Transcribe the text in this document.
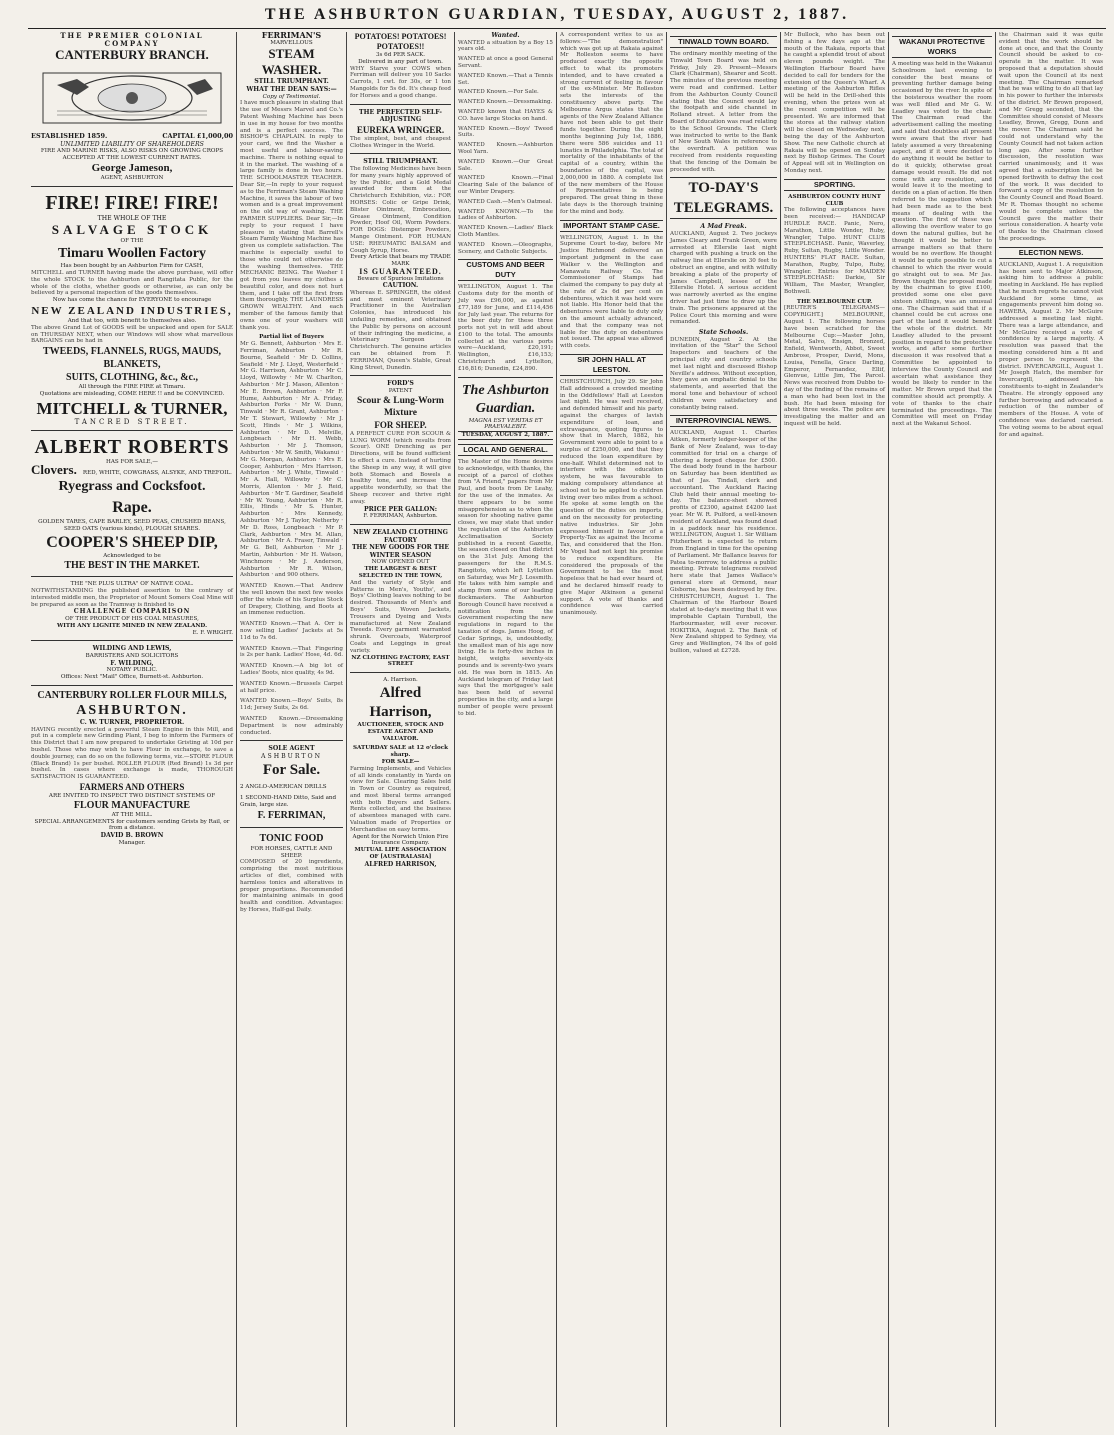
THE ASHBURTON GUARDIAN, TUESDAY, AUGUST 2, 1887.
THE PREMIER COLONIAL COMPANY
CANTERBURY BRANCH.
ESTABLISHED 1859.	CAPITAL £1,000,00
UNLIMITED LIABILITY OF SHAREHOLDERS
FIRE AND MARINE RISKS, ALSO RISKS ON GROWING CROPS ACCEPTED AT THE LOWEST CURRENT RATES.
George Jameson,
AGENT, ASHBURTON
FIRE! FIRE! FIRE!
THE WHOLE OF THE
SALVAGE STOCK
OF THE
Timaru Woollen Factory
Has been bought by an Ashburton Firm for CASH,
MITCHELL and TURNER having made the above purchase, will offer the whole STOCK to the Ashburton and Rangitata Public, for the whole of the cloths, whether goods or otherwise, as can only be believed by a personal inspection of the goods themselves.
Now has come the chance for EVERYONE to encourage
NEW ZEALAND INDUSTRIES,
And that too, with benefit to themselves also.
The above Grand Lot of GOODS will be unpacked and open for SALE on THURSDAY NEXT, when our Windows will show what marvellous BARGAINS can be had in
TWEEDS, FLANNELS, RUGS, MAUDS, BLANKETS,
SUITS, CLOTHING, &c., &c.,
All through the FIRE FIRE at Timaru.
Quotations are misleading, COME HERE !! and be CONVINCED.
MITCHELL & TURNER,
TANCRED STREET.
ALBERT ROBERTS
HAS FOR SALE,—
Clovers. RED, WHITE, COWGRASS, ALSYKE, AND TREFOIL.
Ryegrass and Cocksfoot.
Rape.
GOLDEN TARES, CAPE BARLEY, SEED PEAS, CRUSHED BEANS, SEED OATS (various kinds), PLOUGH SHARES.
COOPER'S SHEEP DIP,
Acknowledged to be
THE BEST IN THE MARKET.
THE "NE PLUS ULTRA" OF NATIVE COAL.
NOTWITHSTANDING the published assertion to the contrary of interested middle men, the Proprietor of Mount Somers Coal Mine will be prepared as soon as the Tramway is finished to
CHALLENGE COMPARISON
OF THE PRODUCT OF HIS COAL MEASURES,
WITH ANY LIGNITE MINED IN NEW ZEALAND.
E. F. WRIGHT.
WILDING AND LEWIS,
BARRISTERS AND SOLICITORS
F. WILDING,
NOTARY PUBLIC.
Offices: Next "Mail" Office, Burnett-st. Ashburton.
CANTERBURY ROLLER FLOUR MILLS,
ASHBURTON.
C. W. TURNER, PROPRIETOR.
HAVING recently erected a powerful Steam Engine in this Mill, and put in a complete new Grinding Plant, I beg to inform the Farmers of this District that I am now prepared to undertake Gristing at 10d per bushel. Those who may wish to have Flour in exchange, to save a double journey, can do so on the following terms, viz.—STORE FLOUR (Black Brand) 1s per bushel. ROLLER FLOUR (Red Brand) 1s 3d per bushel. In cases where exchange is made, THOROUGH SATISFACTION IS GUARANTEED.
FARMERS AND OTHERS
ARE INVITED TO INSPECT TWO DISTINCT SYSTEMS OF
FLOUR MANUFACTURE
AT THE MILL.
SPECIAL ARRANGEMENTS for customers sending Grists by Rail, or from a distance.
DAVID B. BROWN
Manager.
FERRIMAN'S
MARVELLOUS
STEAM WASHER.
STILL TRIUMPHANT.
WHAT THE DEAN SAYS:—
Copy of Testimonial.
I have much pleasure in stating that the use of Messrs Marvel and Co.'s Patent Washing Machine has been in use in my house for two months and is a perfect success. The BISHOP'S CHAPLAIN. In reply to your card, we find the Washer a most useful and labour-saving machine. There is nothing equal to it in the market. The washing of a large family is done in two hours. THE SCHOOLMASTER TEACHER. Dear Sir,—In reply to your request as to the Ferriman's Steam Washing Machine, it saves the labour of two women and is a great improvement on the old way of washing. THE FARMER SUPPLIERS. Dear Sir,—In reply to your request I have pleasure in stating that Barrell's Steam Family Washing Machine has given us complete satisfaction. The machine is especially useful to those who could not otherwise do the washing themselves. THE MECHANIC BEING. The Washer I got from you leaves my clothes a beautiful color, and does not hurt them, and I take off the first from them thoroughly. THE LAUNDRESS GROWN WEALTHY. And each member of the famous family that owns one of your washers will thank you.
Partial list of Buyers
Mr G. Bennett, Ashburton · Mrs E. Ferriman, Ashburton · Mr R. Bourne, Seafield · Mr D. Collins, Seafield · Mr J. Lloyd, Westerfield · Mr G. Harrison, Ashburton · Mr C. Lloyd, Willowby · Mr W. Charlton, Ashburton · Mr J. Mason, Allenton · Mr E. Brown, Ashburton · Mr F. Hume, Ashburton · Mr A. Friday, Ashburton Forks · Mr W. Dunn, Tinwald · Mr R. Grant, Ashburton · Mr T. Stewart, Willowby · Mr J. Scott, Hinds · Mr J. Wilkins, Ashburton · Mr D. Melville, Longbeach · Mr H. Webb, Ashburton · Mr J. Thomson, Ashburton · Mr W. Smith, Wakanui · Mr G. Morgan, Ashburton · Mrs E. Cooper, Ashburton · Mrs Harrison, Ashburton · Mr J. White, Tinwald · Mr A. Hall, Willowby · Mr C. Morris, Allenton · Mr J. Reid, Ashburton · Mr T. Gardiner, Seafield · Mr W. Young, Ashburton · Mr R. Ellis, Hinds · Mr S. Hunter, Ashburton · Mrs Kennedy, Ashburton · Mr J. Taylor, Netherby · Mr D. Ross, Longbeach · Mr P. Clark, Ashburton · Mrs M. Allan, Ashburton · Mr A. Fraser, Tinwald · Mr G. Bell, Ashburton · Mr J. Martin, Ashburton · Mr H. Watson, Winchmore · Mr J. Anderson, Ashburton · Mr R. Wilson, Ashburton · and 900 others.
WANTED Known.—That Andrew the well known the next few weeks offer the whole of his Surplus Stock of Drapery, Clothing, and Boots at an immense reduction.
WANTED Known.—That A. Orr is now selling Ladies' Jackets at 5s 11d to 7s 6d.
WANTED Known.—That Fingering is 2s per hank. Ladies' Hose, 4d. 6d.
WANTED Known.—A big lot of Ladies' Boots, nice quality, 4s 9d.
WANTED Known.—Brussels Carpet at half price.
WANTED Known.—Boys' Suits, 8s 11d; Jersey Suits, 2s 6d.
WANTED Known.—Dressmaking Department is now admirably conducted.
SOLE AGENT
ASHBURTON
For Sale.
2 ANGLO-AMERICAN DRILLS
1 SECOND-HAND Ditto, Said and Grain, large size.
F. FERRIMAN,
TONIC FOOD
FOR HORSES, CATTLE AND SHEEP.
COMPOSED of 20 ingredients, comprising the most nutritious articles of diet, combined with harmless tonics and alteratives in proper proportions. Recommended for maintaining animals in good health and condition. Advantages: by Horses, Half-gal Daily.
POTATOES! POTATOES! POTATOES!!
3s 6d PER SACK.
Delivered in any part of town.
WHY Starve your COWS when Ferriman will deliver you 10 Sacks Carrots, 1 cwt. for 30s, or 1 ton Mangolds for 5s 6d. It's cheap feed for Horses and a good change.
THE PERFECTED SELF-ADJUSTING
EUREKA WRINGER.
The simplest, best, and cheapest Clothes Wringer in the World.
STILL TRIUMPHANT.
The following Medicines have been for many years highly approved of by the Public, and a Gold Medal awarded for them at the Christchurch Exhibition, viz.: FOR HORSES: Colic or Gripe Drink, Blister Ointment, Embrocation, Grease Ointment, Condition Powder, Hoof Oil, Worm Powders. FOR DOGS: Distemper Powders, Mange Ointment. FOR HUMAN USE: RHEUMATIC BALSAM and Cough Syrup, Horse.
Every Article that bears my TRADE MARK
IS GUARANTEED.
Beware of Spurious Imitations
CAUTION.
Whereas E. SPRINGER, the oldest and most eminent Veterinary Practitioner in the Australian Colonies, has introduced his unfailing remedies, and obtained the Public by persons on account of their infringing the medicine, a Veterinary Surgeon in Christchurch. The genuine articles can be obtained from F. FERRIMAN, Queen's Stable, Great King Street, Dunedin.
FORD'S
PATENT
Scour & Lung-Worm Mixture
FOR SHEEP.
A PERFECT CURE FOR SCOUR & LUNG WORM (which results from Scour). ONE Drenching as per Directions, will be found sufficient to effect a cure. Instead of hurting the Sheep in any way, it will give both Stomach and Bowels a healthy tone, and increase the appetite wonderfully, so that the Sheep recover and thrive right away.
PRICE PER GALLON:
F. FERRIMAN, Ashburton.
NEW ZEALAND CLOTHING FACTORY
THE NEW GOODS FOR THE WINTER SEASON
NOW OPENED OUT
THE LARGEST & BEST SELECTED IN THE TOWN,
And the variety of Style and Patterns in Men's, Youths', and Boys' Clothing leaves nothing to be desired. Thousands of Men's and Boys' Suits, Woven Jackets, Trousers and Dyeing and Vests manufactured at New Zealand Tweeds. Every garment warranted shrunk. Overcoats, Waterproof Coats and Leggings in great variety.
NZ CLOTHING FACTORY, EAST STREET
A. Harrison.
Alfred Harrison,
AUCTIONEER, STOCK AND ESTATE AGENT AND VALUATOR.
SATURDAY SALE at 12 o'clock sharp.
FOR SALE—
Farming Implements, and Vehicles of all kinds constantly in Yards on view for Sale. Clearing Sales held in Town or Country as required, and most liberal terms arranged with both Buyers and Sellers. Rents collected, and the business of absentees managed with care. Valuation made of Properties or Merchandise on easy terms.
Agent for the Norwich Union Fire Insurance Company.
MUTUAL LIFE ASSOCIATION OF [AUSTRALASIA]
ALFRED HARRISON,
Wanted.
WANTED a situation by a Boy 15 years old.
WANTED at once a good General Servant.
WANTED Known.—That a Tennis Set.
WANTED Known.—For Sale.
WANTED Known.—Dressmaking.
WANTED known that HAYES & CO. have large Stocks on hand.
WANTED Known.—Boys' Tweed Suits.
WANTED Known.—Ashburton Wool Yarn.
WANTED Known.—Our Great Sale.
WANTED Known.—Final Clearing Sale of the balance of our Winter Drapery.
WANTED Cash.—Men's Oatmeal.
WANTED KNOWN.—To the Ladies of Ashburton.
WANTED Known.—Ladies' Black Cloth Mantles.
WANTED Known.—Oleographs, Scenery, and Catholic Subjects.
CUSTOMS AND BEER DUTY
WELLINGTON, August 1. The Customs duty for the month of July was £96,000, as against £77,189 for June, and £114,456 for July last year. The returns for the beer duty for these three ports not yet in will add about £100 to the total. The amounts collected at the various ports were—Auckland, £20,191; Wellington, £16,153; Christchurch and Lyttelton, £16,816; Dunedin, £24,890.
The Ashburton Guardian.
MAGNA EST VERITAS ET PRAEVALEBIT.
TUESDAY, AUGUST 2, 1887.
LOCAL AND GENERAL.
The Master of the Home desires to acknowledge, with thanks, the receipt of a parcel of clothes from "A Friend," papers from Mr Paul, and boots from Dr Leahy, for the use of the inmates. As there appears to be some misapprehension as to when the season for shooting native game closes, we may state that under the regulation of the Ashburton Acclimatisation Society published in a recent Gazette, the season closed on that district on the 31st July. Among the passengers for the R.M.S. Rangitoto, which left Lyttelton on Saturday, was Mr J. Lossmith. He takes with him sample and stamp from some of our leading flockmasters. The Ashburton Borough Council have received a notification from the Government respecting the new regulations in regard to the taxation of dogs. James Hoog, of Cedar Springs, is, undoubtedly, the smallest man of his age now living. He is forty-five inches in height, weighs seventy-six pounds and is seventy-two years old. He was born in 1815. An Auckland telegram of Friday last says that the mortgagee's sale has been held of several properties in the city, and a large number of people were present to bid.
A correspondent writes to us as follows:—"The demonstration" which was got up at Rakaia against Mr Rolleston seems to have produced exactly the opposite effect to what its promoters intended, and to have created a strong current of feeling in favour of the ex-Minister. Mr Rolleston sets the interests of the constituency above party. The Melbourne Argus states that the agents of the New Zealand Alliance have not been able to get their funds together. During the eight months beginning July 1st, 1886, there were 586 suicides and 11 lunatics in Philadelphia. The total of mortality of the inhabitants of the capital of a country, within the boundaries of the capital, was 2,000,000 in 1880. A complete list of the new members of the House of Representatives is being prepared. The great thing in these late days is the thorough training for the mind and body.
IMPORTANT STAMP CASE.
WELLINGTON, August 1. In the Supreme Court to-day, before Mr Justice Richmond delivered an important judgment in the case Walker v. the Wellington and Manawatu Railway Co. The Commissioner of Stamps had claimed the company to pay duty at the rate of 2s 6d per cent on debentures, which it was held were not liable. His Honor held that the debentures were liable to duty only on the amount actually advanced, and that the company was not liable for the duty on debentures not issued. The appeal was allowed with costs.
SIR JOHN HALL AT LEESTON.
CHRISTCHURCH, July 29. Sir John Hall addressed a crowded meeting in the Oddfellows' Hall at Leeston last night. He was well received, and defended himself and his party against the charges of lavish expenditure of loan, and extravagance, quoting figures to show that in March, 1882, his Government were able to point to a surplus of £250,000, and that they reduced the loan expenditure by one-half. Whilst determined not to interfere with the education system, he was favourable to making compulsory attendance at school not to be applied to children living over two miles from a school. He spoke at some length on the question of the duties on imports, and on the necessity for protecting native industries. Sir John expressed himself in favour of a Property-Tax as against the Income Tax, and considered that the Hon. Mr Vogel had not kept his promise to reduce expenditure. He considered the proposals of the Government to be the most hopeless that he had ever heard of, and he declared himself ready to give Major Atkinson a general support. A vote of thanks and confidence was carried unanimously.
TINWALD TOWN BOARD.
The ordinary monthly meeting of the Tinwald Town Board was held on Friday, July 29. Present—Messrs Clark (Chairman), Shearer and Scott. The minutes of the previous meeting were read and confirmed. Letter from the Ashburton County Council stating that the Council would lay the footpath and side channel in Rolland street. A letter from the Board of Education was read relating to the School Grounds. The Clerk was instructed to write to the Bank of New South Wales in reference to the overdraft. A petition was received from residents requesting that the fencing of the Domain be proceeded with.
TO-DAY'S TELEGRAMS.
A Mad Freak.
AUCKLAND, August 2. Two jockeys James Cleary and Frank Green, were arrested at Ellerslie last night charged with pushing a truck on the railway line at Ellerslie on 30 feet to obstruct an engine, and with wilfully breaking a plate of the property of James Campbell, lessee of the Ellerslie Hotel. A serious accident was narrowly averted as the engine driver had just time to draw up the train. The prisoners appeared at the Police Court this morning and were remanded.
State Schools.
DUNEDIN, August 2. At the invitation of the "Star" the School Inspectors and teachers of the principal city and country schools met last night and discussed Bishop Neville's address. Without exception, they gave an emphatic denial to the statements, and asserted that the moral tone and behaviour of school children were satisfactory and constantly being raised.
INTERPROVINCIAL NEWS.
AUCKLAND, August 1. Charles Aitken, formerly ledger-keeper of the Bank of New Zealand, was to-day committed for trial on a charge of uttering a forged cheque for £500. The dead body found in the harbour on Saturday has been identified as that of Jas. Tindall, clerk and accountant. The Auckland Racing Club held their annual meeting to-day. The balance-sheet showed profits of £2300, against £4200 last year. Mr W. R. Pulford, a well-known resident of Auckland, was found dead in a paddock near his residence. WELLINGTON, August 1. Sir William Fitzherbert is expected to return from England in time for the opening of Parliament. Mr Ballance leaves for Patea to-morrow, to address a public meeting. Private telegrams received here state that James Wallace's general store at Ormond, near Gisborne, has been destroyed by fire. CHRISTCHURCH, August 1. The Chairman of the Harbour Board stated at to-day's meeting that it was improbable Captain Turnbull, the Harbourmaster, will ever recover. HOKITIKA, August 2. The Bank of New Zealand shipped to Sydney, via Grey and Wellington, 74 lbs of gold bullion, valued at £2728.
Mr Bullock, who has been out fishing a few days ago at the mouth of the Rakaia, reports that he caught a splendid trout of about eleven pounds weight. The Wellington Harbour Board have decided to call for tenders for the extension of the Queen's Wharf. A meeting of the Ashburton Rifles will be held in the Drill-shed this evening, when the prizes won at the recent competition will be presented. We are informed that the stores at the railway station will be closed on Wednesday next, being the day of the Ashburton Show. The new Catholic church at Rakaia will be opened on Sunday next by Bishop Grimes. The Court of Appeal will sit in Wellington on Monday next.
SPORTING.
ASHBURTON COUNTY HUNT CLUB
The following acceptances have been received:— HANDICAP HURDLE RACE. Panic, Nero, Marathon, Little Wonder, Ruby, Wrangler, Tulpo. HUNT CLUB STEEPLECHASE. Panic, Waverley, Ruby, Sultan, Rugby, Little Wonder. HUNTERS' FLAT RACE. Sultan, Marathon, Rugby, Tulpo, Ruby, Wrangler. Entries for MAIDEN STEEPLECHASE: Darkie, Sir William, The Master, Wrangler, Bothwell.
THE MELBOURNE CUP.
[REUTER'S TELEGRAMS—COPYRIGHT.] MELBOURNE, August 1. The following horses have been scratched for the Melbourne Cup:—Master John, Metal, Salvo, Ensign, Bronzed, Enfield, Wentworth, Abbot, Sweet Ambrose, Prosper, David, Mons, Louisa, Fenella, Grace Darling, Emperor, Fernandez, Ellif, Glenvue, Little Jim, The Parcel. News was received from Dubbo to-day of the finding of the remains of a man who had been lost in the bush. He had been missing for about three weeks. The police are investigating the matter and an inquest will be held.
WAKANUI PROTECTIVE WORKS
A meeting was held in the Wakanui Schoolroom last evening to consider the best means of preventing further damage being occasioned by the river. In spite of the boisterous weather the room was well filled and Mr G. W. Leadley was voted to the chair. The Chairman read the advertisement calling the meeting and said that doubtless all present were aware that the river had lately assumed a very threatening aspect, and if it were decided to do anything it would be better to do it quickly, otherwise great damage would result. He did not come with any resolution, and would leave it to the meeting to decide on a plan of action. He then referred to the suggestion which had been made as to the best means of dealing with the question. The first of these was allowing the overflow water to go down the natural gullies, but he thought it would be better to arrange matters so that there would be no overflow. He thought it would be quite possible to cut a channel to which the river would go straight out to sea. Mr Jas. Brown thought the proposal made by the chairman to give £100, provided some one else gave sixteen shillings, was an unusual one. The Chairman said that if a channel could be cut across one part of the land it would benefit the whole of the district. Mr Leadley alluded to the present position in regard to the protective works, and after some further discussion it was resolved that a Committee be appointed to interview the County Council and ascertain what assistance they would be likely to render in the matter. Mr Brown urged that the committee should act promptly. A vote of thanks to the chair terminated the proceedings. The Committee will meet on Friday next at the Wakanui School.
the Chairman said it was quite evident that the work should be done at once, and that the County Council should be asked to co-operate in the matter. It was proposed that a deputation should wait upon the Council at its next meeting. The Chairman remarked that he was willing to do all that lay in his power to further the interests of the district. Mr Brown proposed, and Mr Gregg seconded, that the Committee should consist of Messrs Leadley, Brown, Gregg, Dunn and the mover. The Chairman said he could not understand why the County Council had not taken action long ago. After some further discussion, the resolution was carried unanimously, and it was agreed that a subscription list be opened forthwith to defray the cost of the work. It was decided to forward a copy of the resolution to the County Council and Road Board. Mr R. Thomas thought no scheme would be complete unless the Council gave the matter their serious consideration. A hearty vote of thanks to the Chairman closed the proceedings.
ELECTION NEWS.
AUCKLAND, August 1. A requisition has been sent to Major Atkinson, asking him to address a public meeting in Auckland. He has replied that he much regrets he cannot visit Auckland for some time, as engagements prevent him doing so. HAWERA, August 2. Mr McGuire addressed a meeting last night. There was a large attendance, and Mr McGuire received a vote of confidence by a large majority. A resolution was passed that the meeting considered him a fit and proper person to represent the district. INVERCARGILL, August 1. Mr Joseph Hatch, the member for Invercargill, addressed his constituents to-night in Zealander's Theatre. He strongly opposed any further borrowing and advocated a reduction of the number of members of the House. A vote of confidence was declared carried. The voting seems to be about equal for and against.
